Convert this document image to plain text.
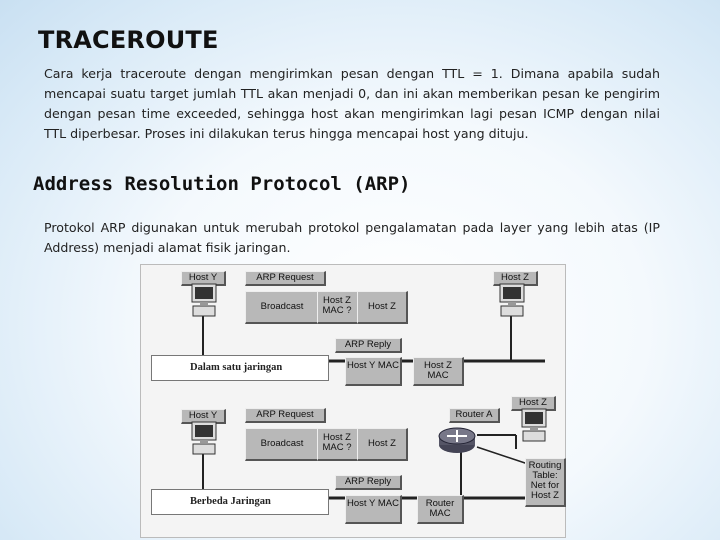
TRACEROUTE

Cara kerja traceroute dengan mengirimkan pesan dengan TTL = 1. Dimana apabila sudah mencapai suatu target jumlah TTL akan menjadi 0, dan ini akan memberikan pesan ke pengirim dengan pesan time exceeded, sehingga host akan mengirimkan lagi pesan ICMP dengan nilai TTL diperbesar. Proses ini dilakukan terus hingga mencapai host yang dituju.

Address Resolution Protocol (ARP)

Protokol ARP digunakan untuk merubah protokol pengalamatan pada layer yang lebih atas (IP Address) menjadi alamat fisik jaringan.

Host Y	ARP Request
Broadcast
Host Z MAC ?	Host Z
Host Z
ARP Reply
Dalam satu jaringan	Host Y MAC	Host Z MAC
Host Y	ARP Request	Router A
Host Z
Broadcast
Host Z MAC ?	Host Z
Routing Table: Net for Host Z
ARP Reply
Berbeda Jaringan	Host Y MAC	Router MAC
